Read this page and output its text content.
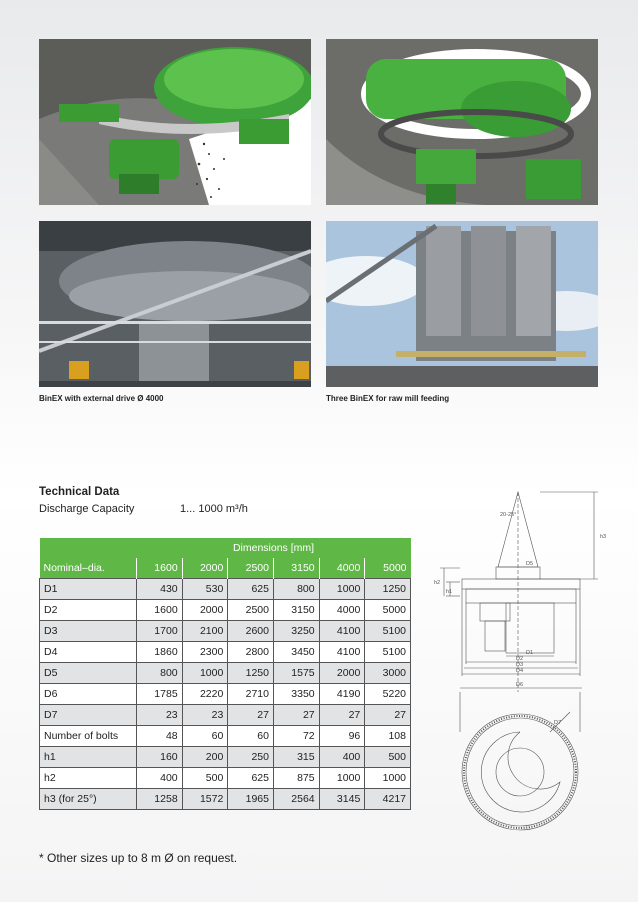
BinEX with external drive Ø 4000	Three BinEX for raw mill feeding
Technical Data
Discharge Capacity	1... 1000 m³/h
	Dimensions [mm]					
Nominal–dia.	1600	2000	2500	3150	4000	5000
D1	430	530	625	800	1000	1250
D2	1600	2000	2500	3150	4000	5000
D3	1700	2100	2600	3250	4100	5100
D4	1860	2300	2800	3450	4100	5100
D5	800	1000	1250	1575	2000	3000
D6	1785	2220	2710	3350	4190	5220
D7	23	23	27	27	27	27
Number of bolts	48	60	60	72	96	108
h1	160	200	250	315	400	500
h2	400	500	625	875	1000	1000
h3 (for 25°)	1258	1572	1965	2564	3145	4217
20-25°
h3
h2
h1
D5
D1
D2
D3
D4
D6
D7
* Other sizes up to 8 m Ø on request.
